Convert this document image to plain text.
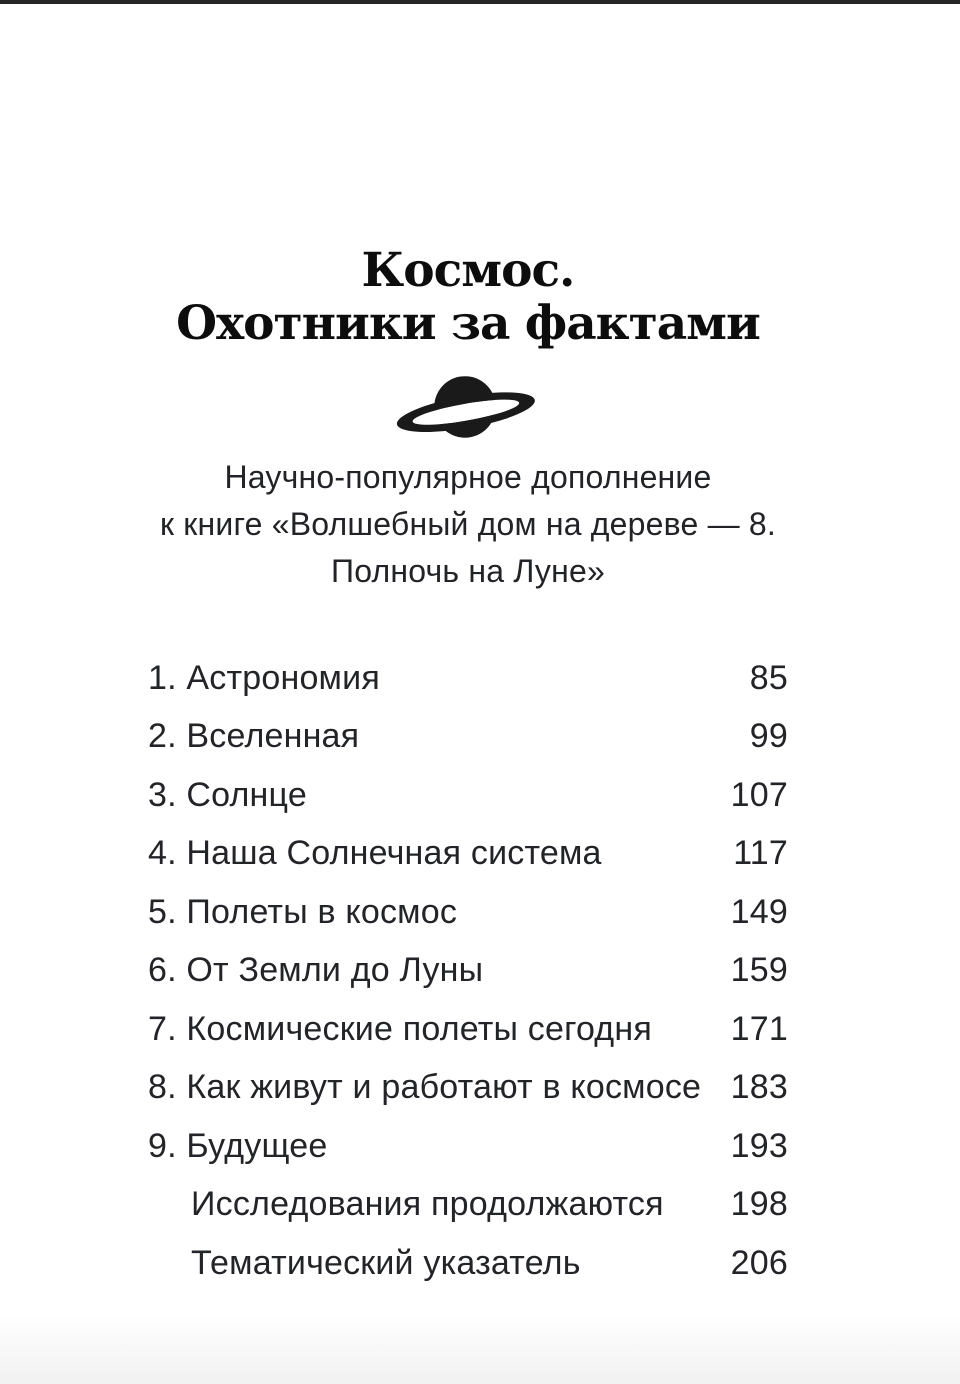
Космос.
Охотники за фактами

Научно-популярное дополнение
к книге «Волшебный дом на дереве — 8.
Полночь на Луне»

1. Астрономия	85
2. Вселенная	99
3. Солнце	107
4. Наша Солнечная система	117
5. Полеты в космос	149
6. От Земли до Луны	159
7. Космические полеты сегодня	171
8. Как живут и работают в космосе 183
9. Будущее	193
Исследования продолжаются	198
Тематический указатель	206
